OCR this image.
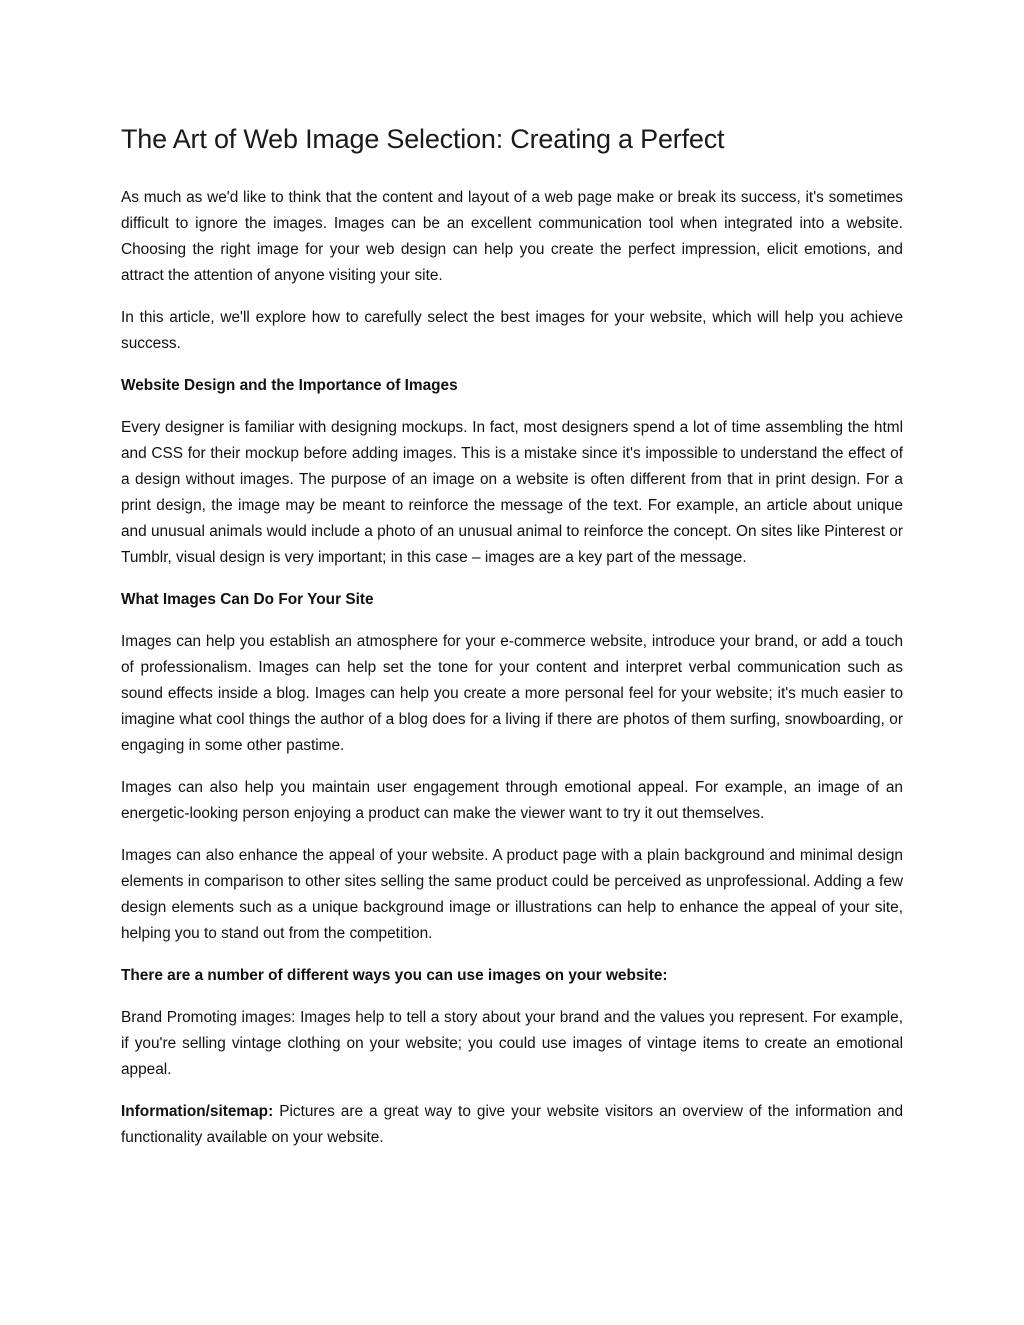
The Art of Web Image Selection: Creating a Perfect

As much as we'd like to think that the content and layout of a web page make or break its success, it's sometimes difficult to ignore the images. Images can be an excellent communication tool when integrated into a website. Choosing the right image for your web design can help you create the perfect impression, elicit emotions, and attract the attention of anyone visiting your site.

In this article, we'll explore how to carefully select the best images for your website, which will help you achieve success.

Website Design and the Importance of Images

Every designer is familiar with designing mockups. In fact, most designers spend a lot of time assembling the html and CSS for their mockup before adding images. This is a mistake since it's impossible to understand the effect of a design without images. The purpose of an image on a website is often different from that in print design. For a print design, the image may be meant to reinforce the message of the text. For example, an article about unique and unusual animals would include a photo of an unusual animal to reinforce the concept. On sites like Pinterest or Tumblr, visual design is very important; in this case – images are a key part of the message.

What Images Can Do For Your Site

Images can help you establish an atmosphere for your e-commerce website, introduce your brand, or add a touch of professionalism. Images can help set the tone for your content and interpret verbal communication such as sound effects inside a blog. Images can help you create a more personal feel for your website; it's much easier to imagine what cool things the author of a blog does for a living if there are photos of them surfing, snowboarding, or engaging in some other pastime.

Images can also help you maintain user engagement through emotional appeal. For example, an image of an energetic-looking person enjoying a product can make the viewer want to try it out themselves.

Images can also enhance the appeal of your website. A product page with a plain background and minimal design elements in comparison to other sites selling the same product could be perceived as unprofessional. Adding a few design elements such as a unique background image or illustrations can help to enhance the appeal of your site, helping you to stand out from the competition.

There are a number of different ways you can use images on your website:

Brand Promoting images: Images help to tell a story about your brand and the values you represent. For example, if you're selling vintage clothing on your website; you could use images of vintage items to create an emotional appeal.

Information/sitemap: Pictures are a great way to give your website visitors an overview of the information and functionality available on your website.
